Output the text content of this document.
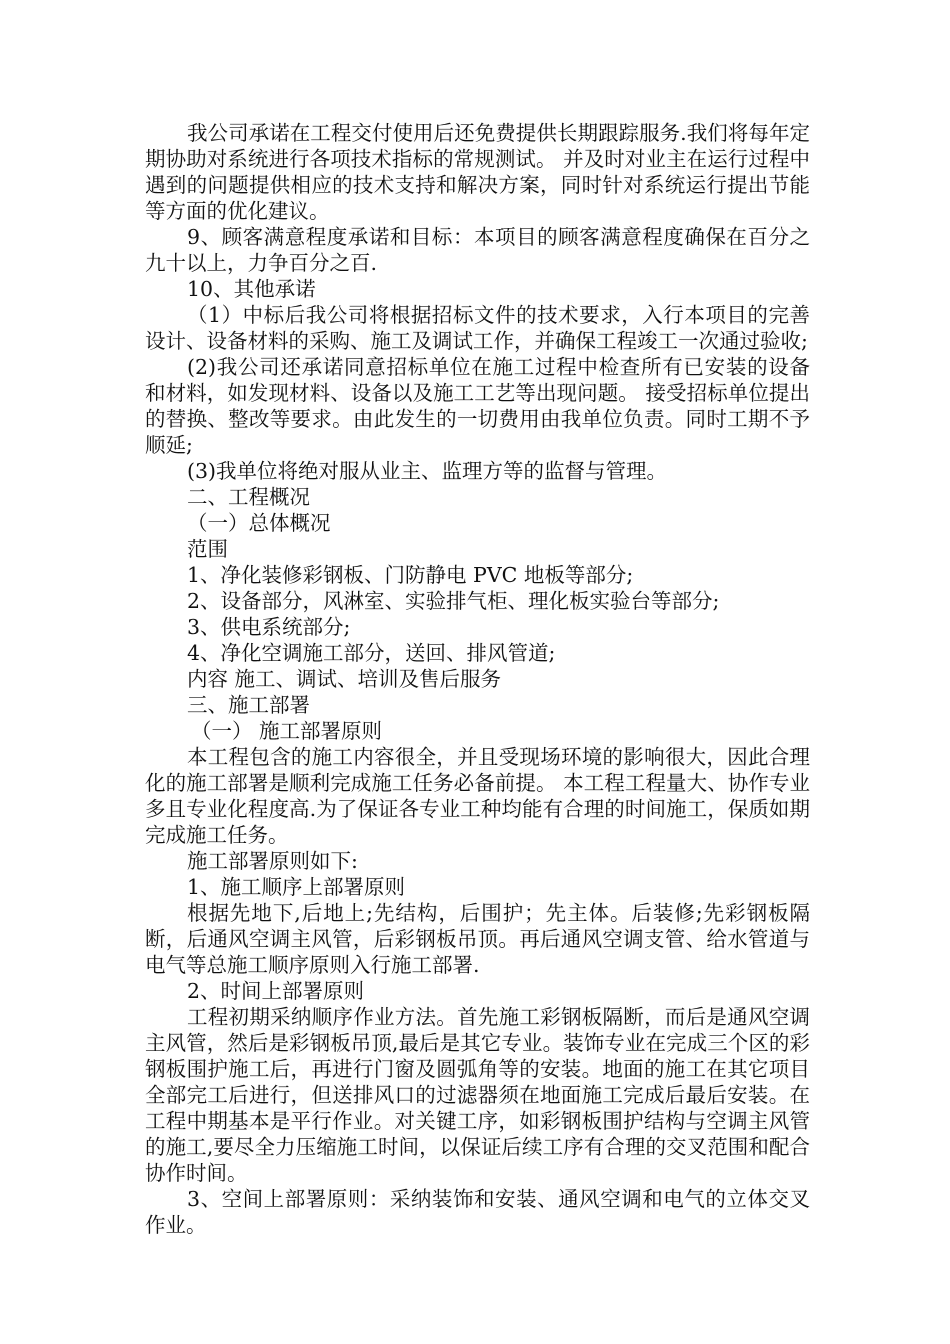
我公司承诺在工程交付使用后还免费提供长期跟踪服务.我们将每年定期协助对系统进行各项技术指标的常规测试。 并及时对业主在运行过程中遇到的问题提供相应的技术支持和解决方案，同时针对系统运行提出节能等方面的优化建议。

9、顾客满意程度承诺和目标：本项目的顾客满意程度确保在百分之九十以上，力争百分之百.

10、其他承诺

（1）中标后我公司将根据招标文件的技术要求，入行本项目的完善设计、设备材料的采购、施工及调试工作，并确保工程竣工一次通过验收;

(2)我公司还承诺同意招标单位在施工过程中检查所有已安装的设备和材料，如发现材料、设备以及施工工艺等出现问题。 接受招标单位提出的替换、整改等要求。由此发生的一切费用由我单位负责。同时工期不予顺延;

(3)我单位将绝对服从业主、监理方等的监督与管理。

二、工程概况

（一）总体概况

范围

1、净化装修彩钢板、门防静电 PVC 地板等部分;

2、设备部分，风淋室、实验排气柜、理化板实验台等部分;

3、供电系统部分;

4、净化空调施工部分，送回、排风管道;

内容 施工、调试、培训及售后服务

三、施工部署

（一） 施工部署原则

本工程包含的施工内容很全，并且受现场环境的影响很大，因此合理化的施工部署是顺利完成施工任务必备前提。 本工程工程量大、协作专业多且专业化程度高.为了保证各专业工种均能有合理的时间施工，保质如期完成施工任务。

施工部署原则如下:

1、施工顺序上部署原则

根据先地下,后地上;先结构，后围护；先主体。后装修;先彩钢板隔断，后通风空调主风管，后彩钢板吊顶。再后通风空调支管、给水管道与电气等总施工顺序原则入行施工部署.

2、时间上部署原则

工程初期采纳顺序作业方法。首先施工彩钢板隔断，而后是通风空调主风管，然后是彩钢板吊顶,最后是其它专业。装饰专业在完成三个区的彩钢板围护施工后，再进行门窗及圆弧角等的安装。地面的施工在其它项目全部完工后进行，但送排风口的过滤器须在地面施工完成后最后安装。在工程中期基本是平行作业。对关键工序，如彩钢板围护结构与空调主风管的施工,要尽全力压缩施工时间，以保证后续工序有合理的交叉范围和配合协作时间。

3、空间上部署原则：采纳装饰和安装、通风空调和电气的立体交叉作业。
